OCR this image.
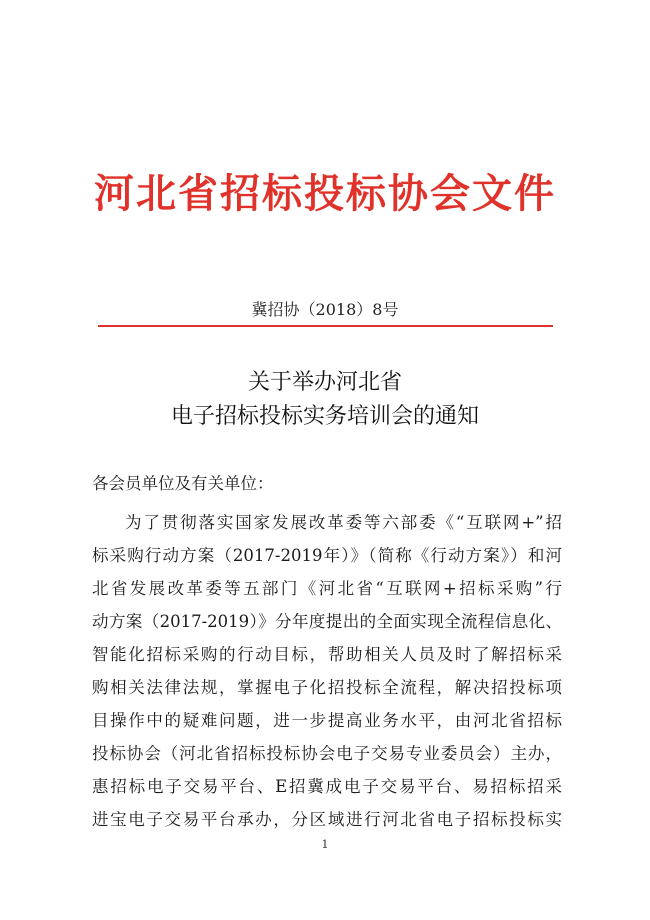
河北省招标投标协会文件
冀招协（2018）8号
关于举办河北省
电子招标投标实务培训会的通知
各会员单位及有关单位：
为了贯彻落实国家发展改革委等六部委《“互联网+”招
标采购行动方案（2017-2019年）》（简称《行动方案》）和河
北省发展改革委等五部门《河北省“互联网+招标采购”行
动方案（2017-2019）》分年度提出的全面实现全流程信息化、
智能化招标采购的行动目标，帮助相关人员及时了解招标采
购相关法律法规，掌握电子化招投标全流程，解决招投标项
目操作中的疑难问题，进一步提高业务水平，由河北省招标
投标协会（河北省招标投标协会电子交易专业委员会）主办，
惠招标电子交易平台、E招冀成电子交易平台、易招标招采
进宝电子交易平台承办，分区域进行河北省电子招标投标实
1
